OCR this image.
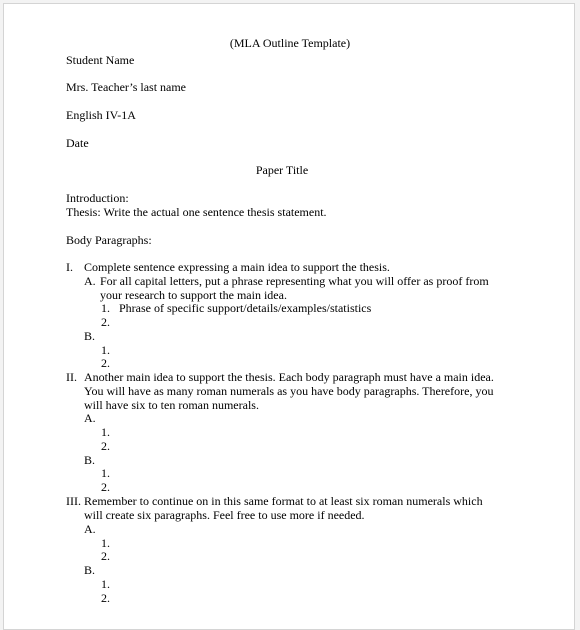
(MLA Outline Template)
Student Name
Mrs. Teacher’s last name
English IV-1A
Date
Paper Title
Introduction:
Thesis: Write the actual one sentence thesis statement.
Body Paragraphs:
I. Complete sentence expressing a main idea to support the thesis.
A. For all capital letters, put a phrase representing what you will offer as proof from
your research to support the main idea.
1. Phrase of specific support/details/examples/statistics
2.
B.
1.
2.
II. Another main idea to support the thesis. Each body paragraph must have a main idea.
You will have as many roman numerals as you have body paragraphs. Therefore, you
will have six to ten roman numerals.
A.
1.
2.
B.
1.
2.
III. Remember to continue on in this same format to at least six roman numerals which
will create six paragraphs. Feel free to use more if needed.
A.
1.
2.
B.
1.
2.
